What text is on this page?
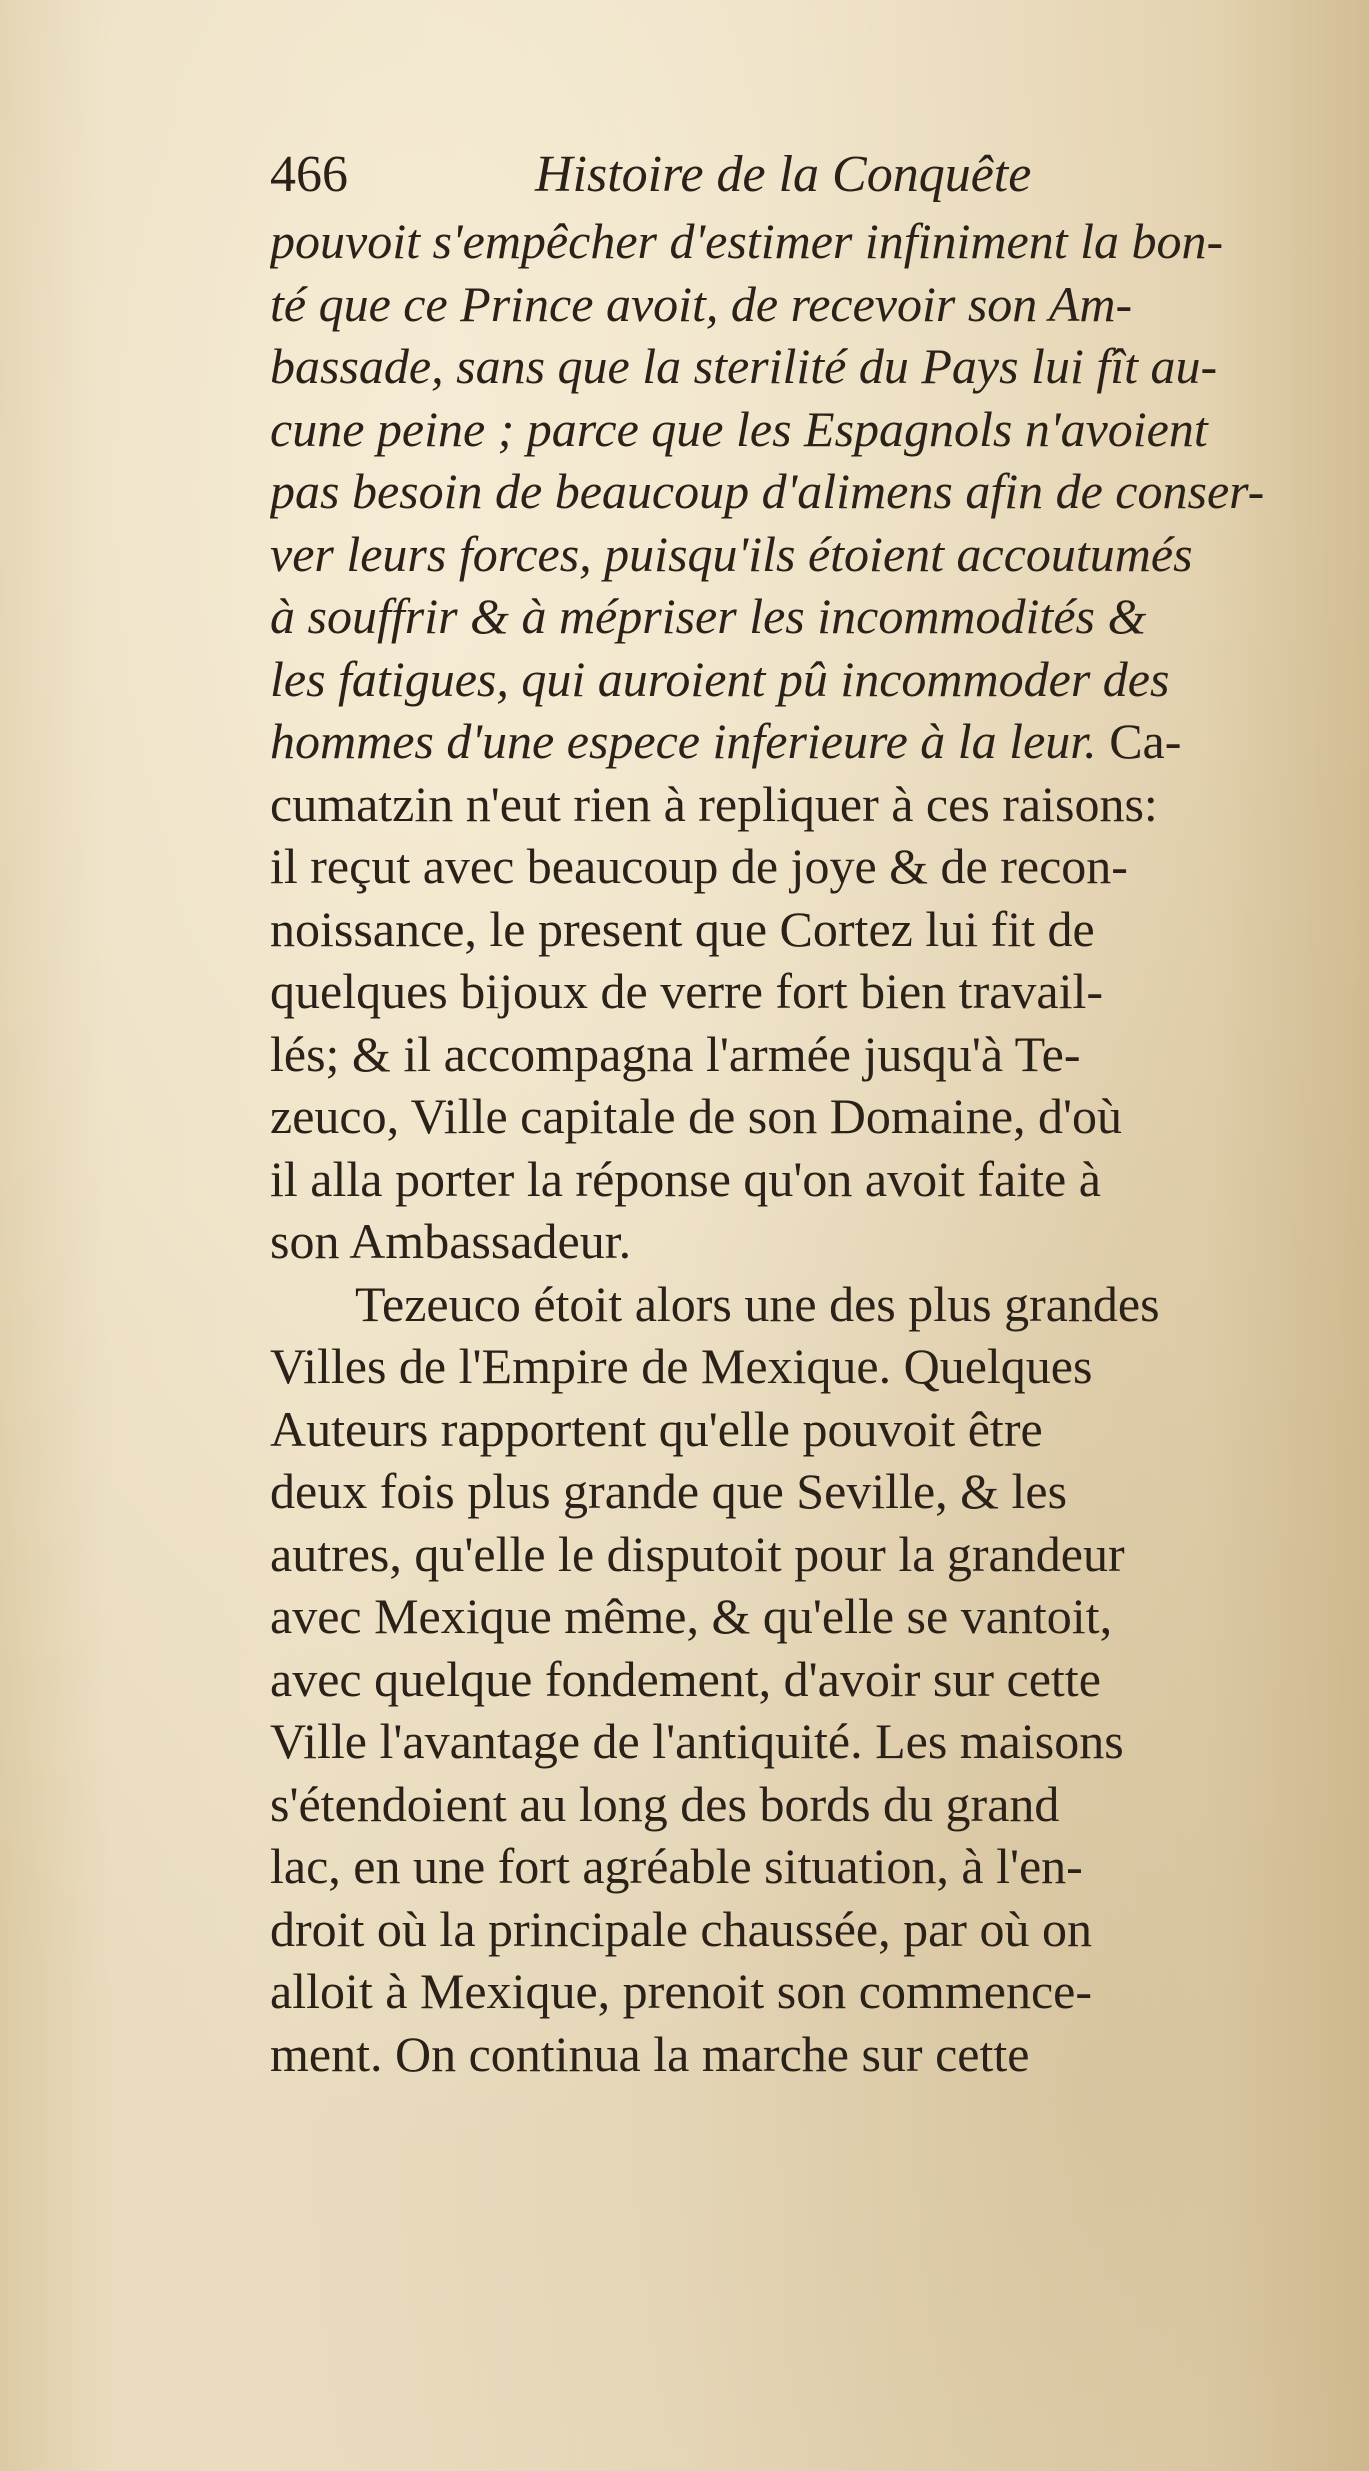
466	Histoire de la Conquête
pouvoit s'empêcher d'estimer infiniment la bon-
té que ce Prince avoit, de recevoir son Am-
bassade, sans que la sterilité du Pays lui fît au-
cune peine ; parce que les Espagnols n'avoient
pas besoin de beaucoup d'alimens afin de conser-
ver leurs forces, puisqu'ils étoient accoutumés
à souffrir & à mépriser les incommodités &
les fatigues, qui auroient pû incommoder des
hommes d'une espece inferieure à la leur. Ca-
cumatzin n'eut rien à repliquer à ces raisons:
il reçut avec beaucoup de joye & de recon-
noissance, le present que Cortez lui fit de
quelques bijoux de verre fort bien travail-
lés; & il accompagna l'armée jusqu'à Te-
zeuco, Ville capitale de son Domaine, d'où
il alla porter la réponse qu'on avoit faite à
son Ambassadeur.
Tezeuco étoit alors une des plus grandes
Villes de l'Empire de Mexique. Quelques
Auteurs rapportent qu'elle pouvoit être
deux fois plus grande que Seville, & les
autres, qu'elle le disputoit pour la grandeur
avec Mexique même, & qu'elle se vantoit,
avec quelque fondement, d'avoir sur cette
Ville l'avantage de l'antiquité. Les maisons
s'étendoient au long des bords du grand
lac, en une fort agréable situation, à l'en-
droit où la principale chaussée, par où on
alloit à Mexique, prenoit son commence-
ment. On continua la marche sur cette
